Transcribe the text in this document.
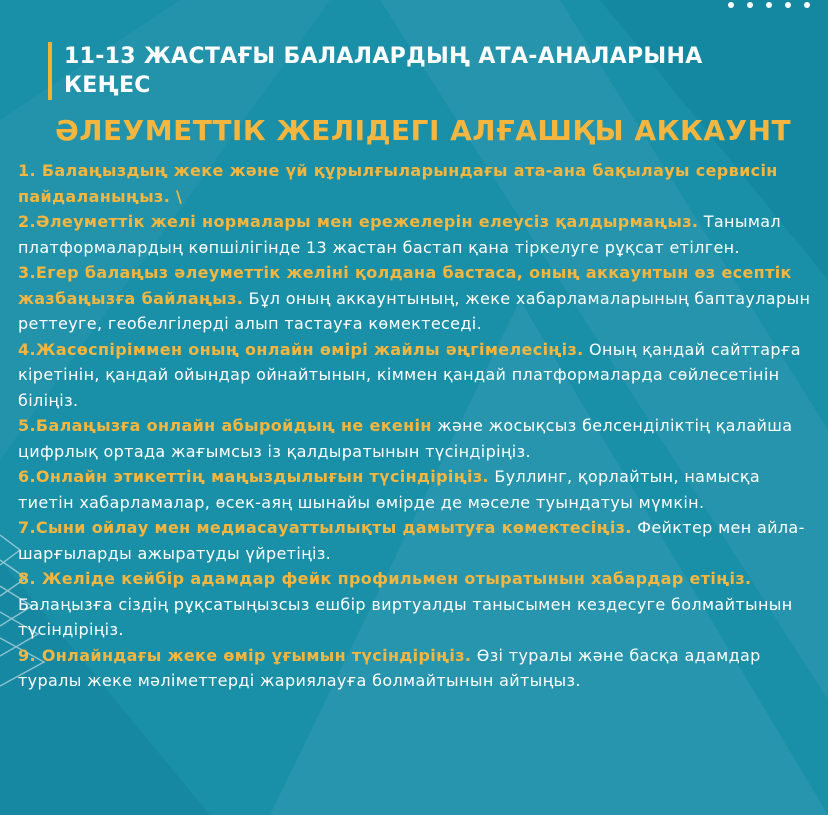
11-13 ЖАСТАҒЫ БАЛАЛАРДЫҢ АТА-АНАЛАРЫНА
КЕҢЕС
ӘЛЕУМЕТТІК ЖЕЛІДЕГІ АЛҒАШҚЫ АККАУНТ

1. Балаңыздың жеке және үй құрылғыларындағы ата-ана бақылауы сервисін пайдаланыңыз. \

2.Әлеуметтік желі нормалары мен ережелерін елеусіз қалдырмаңыз. Танымал платформалардың көпшілігінде 13 жастан бастап қана тіркелуге рұқсат етілген.

3.Егер балаңыз әлеуметтік желіні қолдана бастаса, оның аккаунтын өз есептік жазбаңызға байлаңыз. Бұл оның аккаунтының, жеке хабарламаларының баптауларын реттеуге, геобелгілерді алып тастауға көмектеседі.

4.Жасөспіріммен оның онлайн өмірі жайлы әңгімелесіңіз. Оның қандай сайттарға кіретінін, қандай ойындар ойнайтынын, кіммен қандай платформаларда сөйлесетінін біліңіз.

5.Балаңызға онлайн абыройдың не екенін және жосықсыз белсенділіктің қалайша цифрлық ортада жағымсыз із қалдыратынын түсіндіріңіз.

6.Онлайн этикеттің маңыздылығын түсіндіріңіз. Буллинг, қорлайтын, намысқа тиетін хабарламалар, өсек-аяң шынайы өмірде де мәселе туындатуы мүмкін.

7.Сыни ойлау мен медиасауаттылықты дамытуға көмектесіңіз. Фейктер мен айла-шарғыларды ажыратуды үйретіңіз.

8. Желіде кейбір адамдар фейк профильмен отыратынын хабардар етіңіз. Балаңызға сіздің рұқсатыңызсыз ешбір виртуалды танысымен кездесуге болмайтынын түсіндіріңіз.

9. Онлайндағы жеке өмір ұғымын түсіндіріңіз. Өзі туралы және басқа адамдар туралы жеке мәліметтерді жариялауға болмайтынын айтыңыз.
